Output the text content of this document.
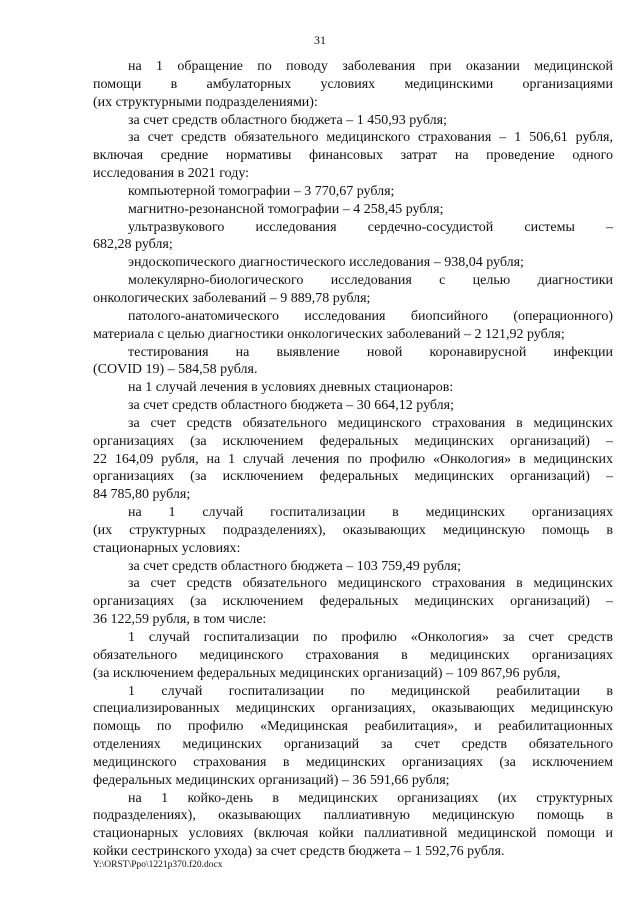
31
на 1 обращение по поводу заболевания при оказании медицинской
помощи в амбулаторных условиях медицинскими организациями
(их структурными подразделениями):
за счет средств областного бюджета – 1 450,93 рубля;
за счет средств обязательного медицинского страхования – 1 506,61 рубля,
включая средние нормативы финансовых затрат на проведение одного
исследования в 2021 году:
компьютерной томографии – 3 770,67 рубля;
магнитно-резонансной томографии – 4 258,45 рубля;
ультразвукового исследования сердечно-сосудистой системы –
682,28 рубля;
эндоскопического диагностического исследования – 938,04 рубля;
молекулярно-биологического исследования с целью диагностики
онкологических заболеваний – 9 889,78 рубля;
патолого-анатомического исследования биопсийного (операционного)
материала с целью диагностики онкологических заболеваний – 2 121,92 рубля;
тестирования на выявление новой коронавирусной инфекции
(COVID 19) – 584,58 рубля.
на 1 случай лечения в условиях дневных стационаров:
за счет средств областного бюджета – 30 664,12 рубля;
за счет средств обязательного медицинского страхования в медицинских
организациях (за исключением федеральных медицинских организаций) –
22 164,09 рубля, на 1 случай лечения по профилю «Онкология» в медицинских
организациях (за исключением федеральных медицинских организаций) –
84 785,80 рубля;
на 1 случай госпитализации в медицинских организациях
(их структурных подразделениях), оказывающих медицинскую помощь в
стационарных условиях:
за счет средств областного бюджета – 103 759,49 рубля;
за счет средств обязательного медицинского страхования в медицинских
организациях (за исключением федеральных медицинских организаций) –
36 122,59 рубля, в том числе:
1 случай госпитализации по профилю «Онкология» за счет средств
обязательного медицинского страхования в медицинских организациях
(за исключением федеральных медицинских организаций) – 109 867,96 рубля,
1 случай госпитализации по медицинской реабилитации в
специализированных медицинских организациях, оказывающих медицинскую
помощь по профилю «Медицинская реабилитация», и реабилитационных
отделениях медицинских организаций за счет средств обязательного
медицинского страхования в медицинских организациях (за исключением
федеральных медицинских организаций) – 36 591,66 рубля;
на 1 койко-день в медицинских организациях (их структурных
подразделениях), оказывающих паллиативную медицинскую помощь в
стационарных условиях (включая койки паллиативной медицинской помощи и
койки сестринского ухода) за счет средств бюджета – 1 592,76 рубля.
Y:\ORST\Ppo\1221p370.f20.docx
